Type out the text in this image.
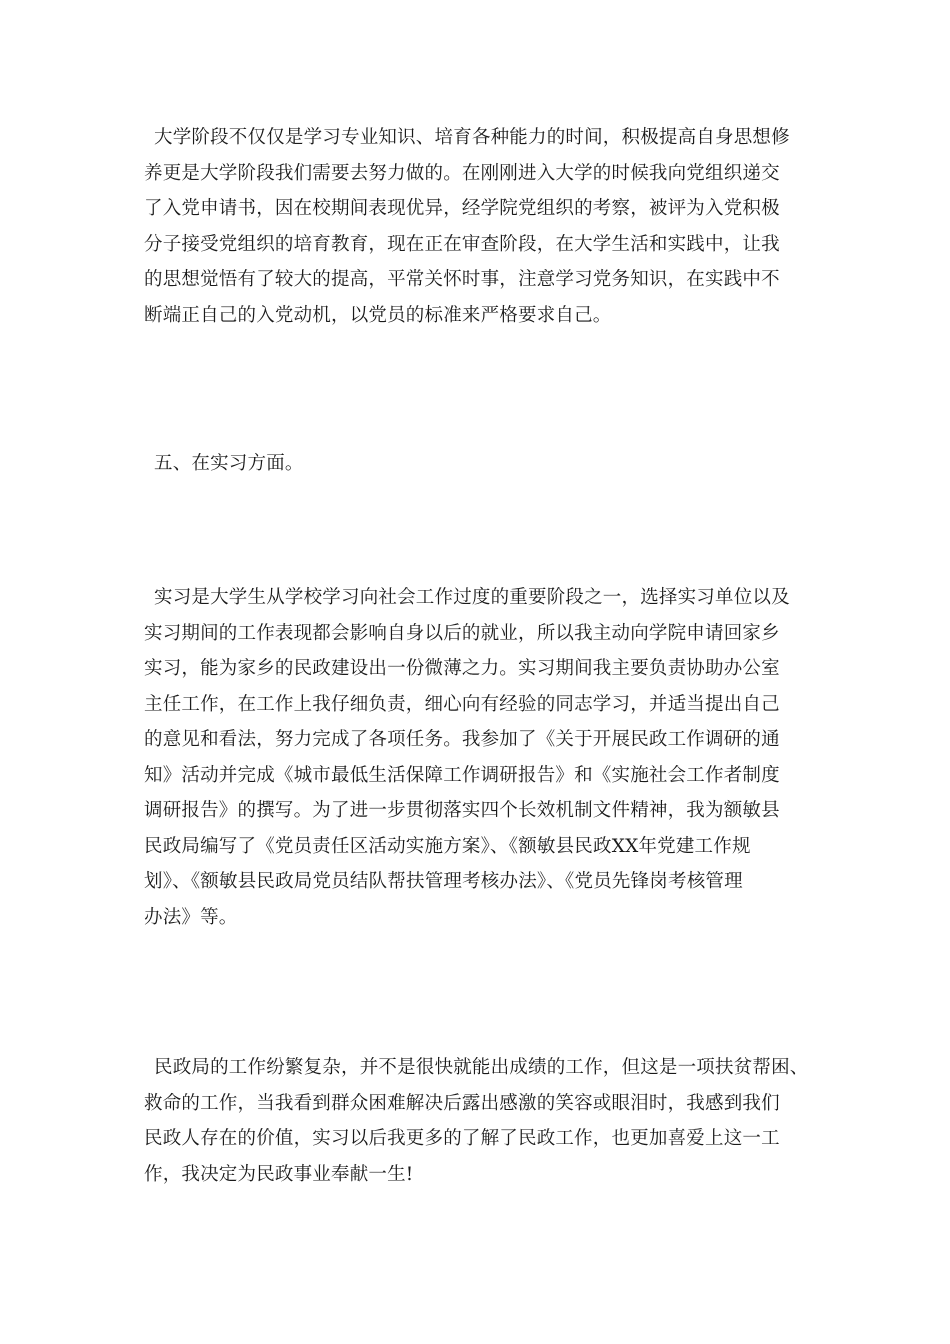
大学阶段不仅仅是学习专业知识、培育各种能力的时间，积极提高自身思想修
养更是大学阶段我们需要去努力做的。在刚刚进入大学的时候我向党组织递交
了入党申请书，因在校期间表现优异，经学院党组织的考察，被评为入党积极
分子接受党组织的培育教育，现在正在审查阶段，在大学生活和实践中，让我
的思想觉悟有了较大的提高，平常关怀时事，注意学习党务知识，在实践中不
断端正自己的入党动机，以党员的标准来严格要求自己。

五、在实习方面。

实习是大学生从学校学习向社会工作过度的重要阶段之一，选择实习单位以及
实习期间的工作表现都会影响自身以后的就业，所以我主动向学院申请回家乡
实习，能为家乡的民政建设出一份微薄之力。实习期间我主要负责协助办公室
主任工作，在工作上我仔细负责，细心向有经验的同志学习，并适当提出自己
的意见和看法，努力完成了各项任务。我参加了《关于开展民政工作调研的通
知》活动并完成《城市最低生活保障工作调研报告》和《实施社会工作者制度
调研报告》的撰写。为了进一步贯彻落实四个长效机制文件精神，我为额敏县
民政局编写了《党员责任区活动实施方案》、《额敏县民政XX年党建工作规
划》、《额敏县民政局党员结队帮扶管理考核办法》、《党员先锋岗考核管理
办法》等。

民政局的工作纷繁复杂，并不是很快就能出成绩的工作，但这是一项扶贫帮困、
救命的工作，当我看到群众困难解决后露出感激的笑容或眼泪时，我感到我们
民政人存在的价值，实习以后我更多的了解了民政工作，也更加喜爱上这一工
作，我决定为民政事业奉献一生!
